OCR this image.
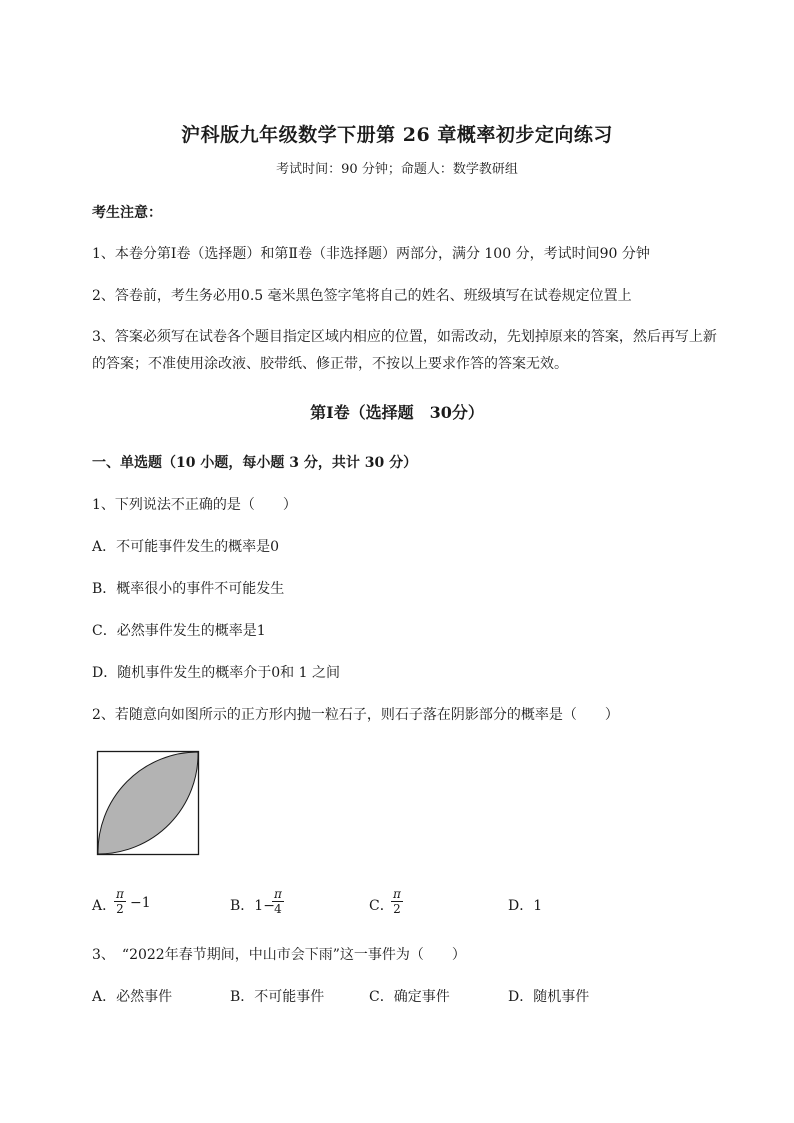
沪科版九年级数学下册第 26 章概率初步定向练习
考试时间：90 分钟；命题人：数学教研组
考生注意：
1、本卷分第Ⅰ卷（选择题）和第Ⅱ卷（非选择题）两部分，满分 100 分，考试时间90 分钟
2、答卷前，考生务必用0.5 毫米黑色签字笔将自己的姓名、班级填写在试卷规定位置上
3、答案必须写在试卷各个题目指定区域内相应的位置，如需改动，先划掉原来的答案，然后再写上新
的答案；不准使用涂改液、胶带纸、修正带，不按以上要求作答的答案无效。
第Ⅰ卷（选择题　30分）
一、单选题（10 小题，每小题 3 分，共计 30 分）
1、下列说法不正确的是（　　）
A．不可能事件发生的概率是0
B．概率很小的事件不可能发生
C．必然事件发生的概率是1
D．随机事件发生的概率介于0和 1 之间
2、若随意向如图所示的正方形内抛一粒石子，则石子落在阴影部分的概率是（　　）
A．
$\frac{\pi}{2} -1$	B．1−
$\frac{\pi}{4}$	C．
$\frac{\pi}{2}$	D．1
3、　“2022年春节期间，中山市会下雨”这一事件为（　　）
A．必然事件	B．不可能事件	C．确定事件	D．随机事件
